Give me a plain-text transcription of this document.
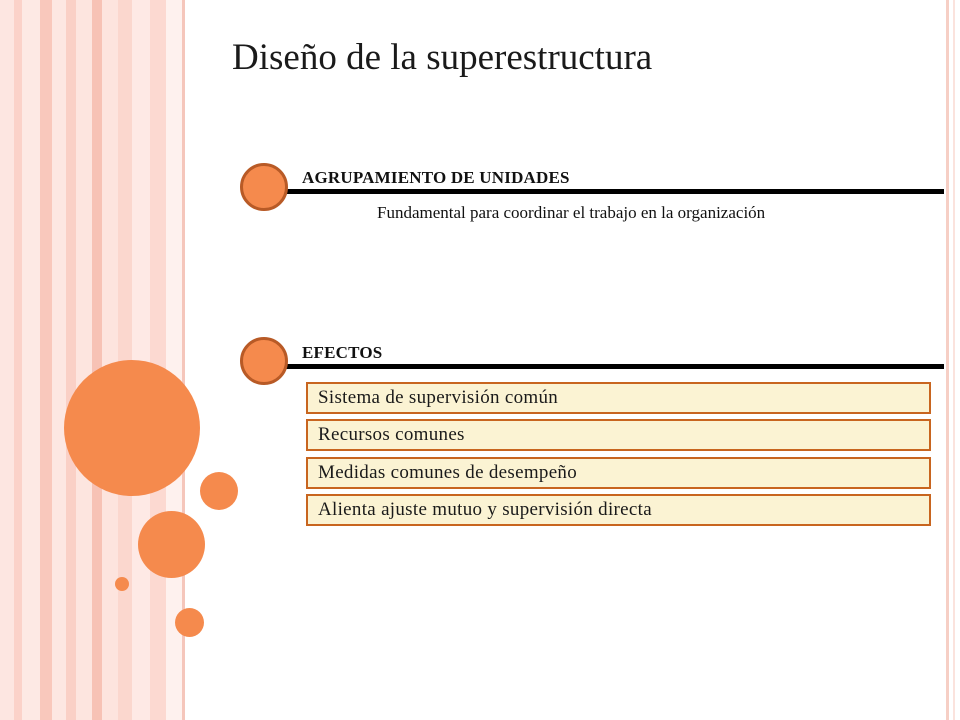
Diseño de la superestructura
AGRUPAMIENTO DE UNIDADES
Fundamental para coordinar el trabajo en la organización
EFECTOS
Sistema de supervisión común
Recursos comunes
Medidas comunes de desempeño
Alienta ajuste mutuo y supervisión directa
